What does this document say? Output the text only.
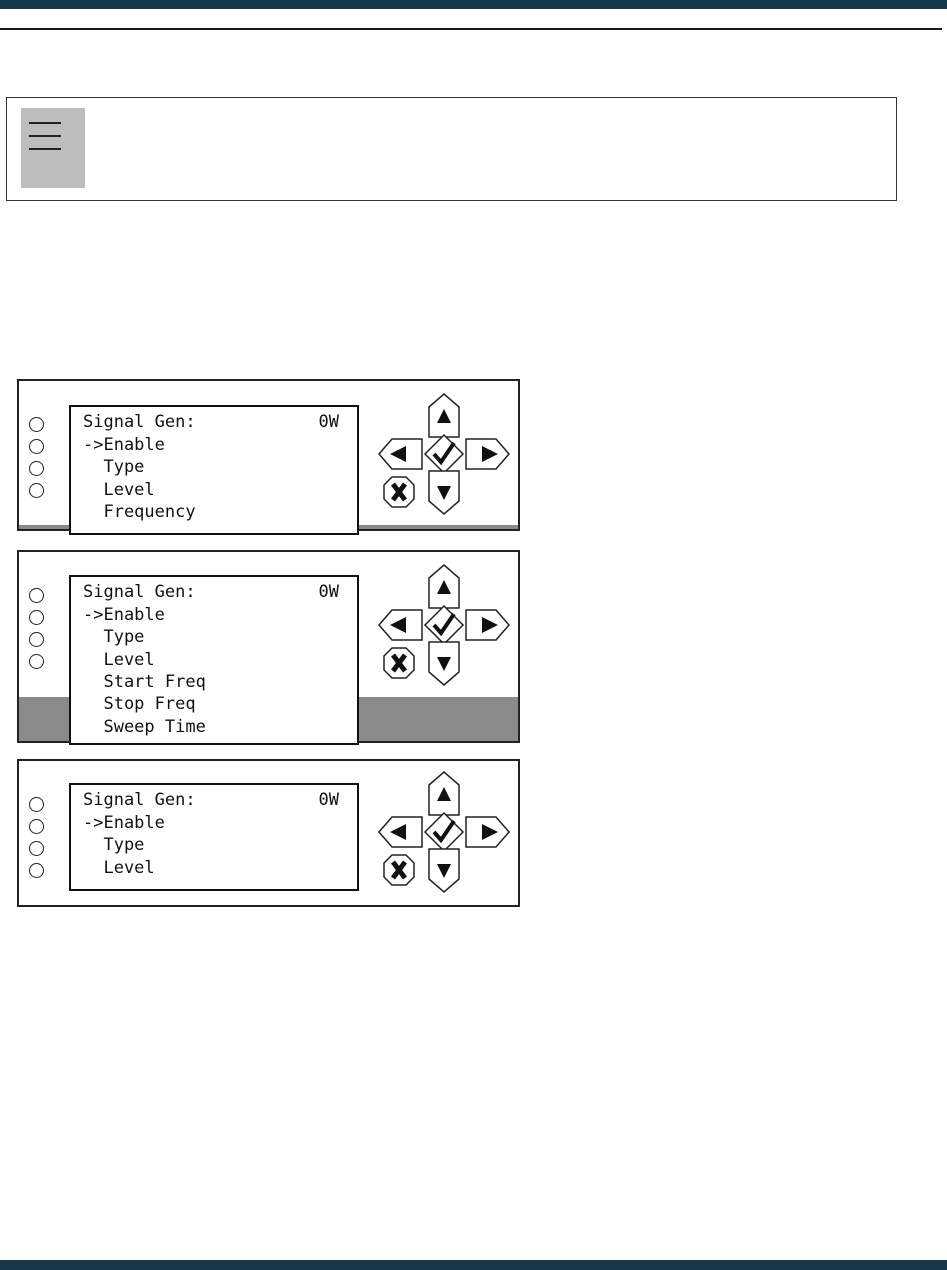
Signal Gen:	0W
->Enable
Type
Level
Frequency
Signal Gen:	0W
->Enable
Type
Level
Start Freq
Stop Freq
Sweep Time
Signal Gen:	0W
->Enable
Type
Level
